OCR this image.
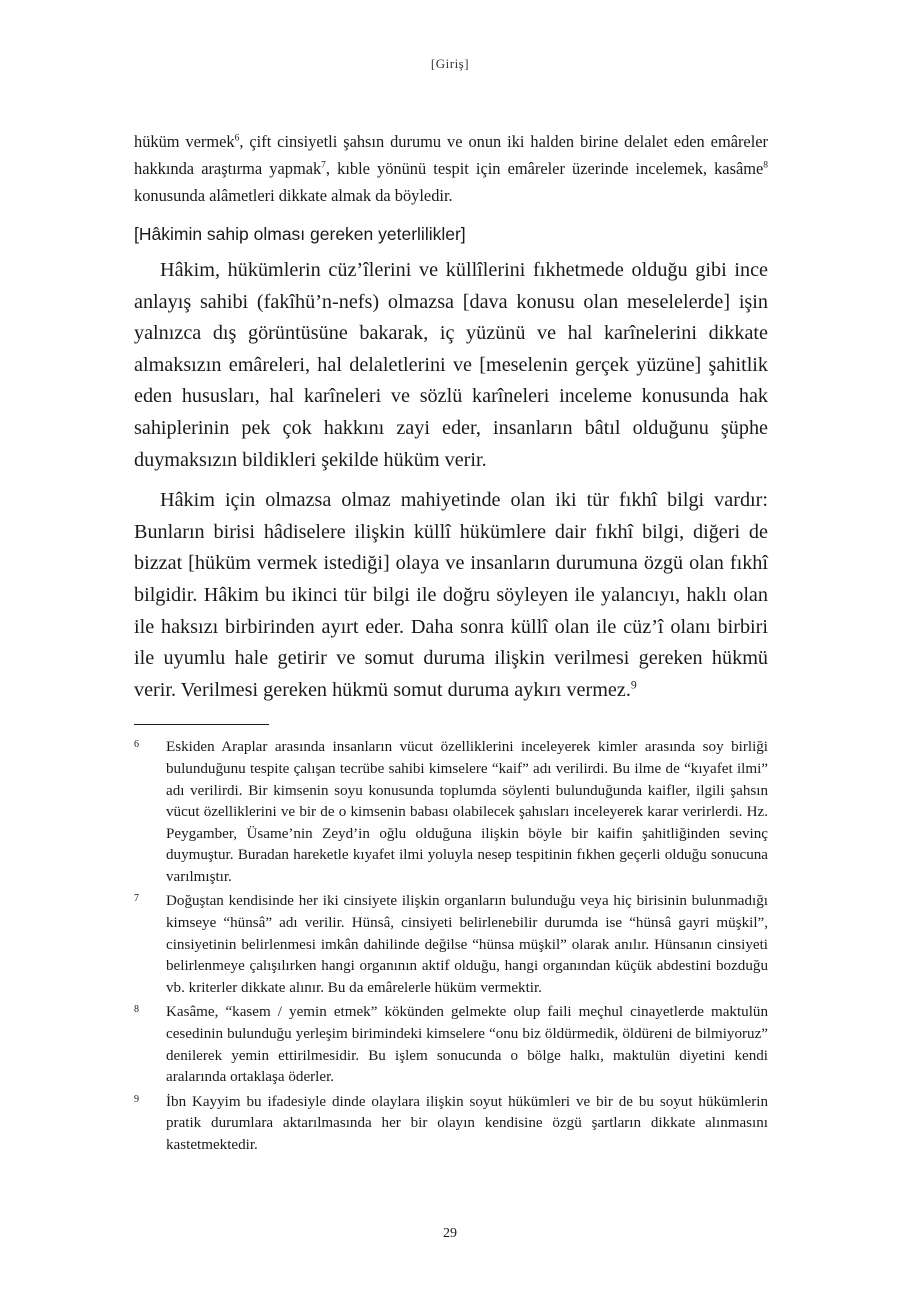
[Giriş]

hüküm vermek$^6$, çift cinsiyetli şahsın durumu ve onun iki halden birine delalet eden emâreler hakkında araştırma yapmak$^7$, kıble yönünü tespit için emâreler üzerinde incelemek, kasâme$^8$ konusunda alâmetleri dikkate almak da böyledir.

[Hâkimin sahip olması gereken yeterlilikler]

Hâkim, hükümlerin cüz’îlerini ve küllîlerini fıkhetmede olduğu gibi ince anlayış sahibi (fakîhü’n-nefs) olmazsa [dava konusu olan meselelerde] işin yalnızca dış görüntüsüne bakarak, iç yüzünü ve hal karînelerini dikkate almaksızın emâreleri, hal delaletlerini ve [meselenin gerçek yüzüne] şahitlik eden hususları, hal karîneleri ve sözlü karîneleri inceleme konusunda hak sahiplerinin pek çok hakkını zayi eder, insanların bâtıl olduğunu şüphe duymaksızın bildikleri şekilde hüküm verir.

Hâkim için olmazsa olmaz mahiyetinde olan iki tür fıkhî bilgi vardır: Bunların birisi hâdiselere ilişkin küllî hükümlere dair fıkhî bilgi, diğeri de bizzat [hüküm vermek istediği] olaya ve insanların durumuna özgü olan fıkhî bilgidir. Hâkim bu ikinci tür bilgi ile doğru söyleyen ile yalancıyı, haklı olan ile haksızı birbirinden ayırt eder. Daha sonra küllî olan ile cüz’î olanı birbiri ile uyumlu hale getirir ve somut duruma ilişkin verilmesi gereken hükmü verir. Verilmesi gereken hükmü somut duruma aykırı vermez.$^9$

6	Eskiden Araplar arasında insanların vücut özelliklerini inceleyerek kimler arasında soy birliği bulunduğunu tespite çalışan tecrübe sahibi kimselere “kaif” adı verilirdi. Bu ilme de “kıyafet ilmi” adı verilirdi. Bir kimsenin soyu konusunda toplumda söylenti bulunduğunda kaifler, ilgili şahsın vücut özelliklerini ve bir de o kimsenin babası olabilecek şahısları inceleyerek karar verirlerdi. Hz. Peygamber, Üsame’nin Zeyd’in oğlu olduğuna ilişkin böyle bir kaifin şahitliğinden sevinç duymuştur. Buradan hareketle kıyafet ilmi yoluyla nesep tespitinin fıkhen geçerli olduğu sonucuna varılmıştır.
7	Doğuştan kendisinde her iki cinsiyete ilişkin organların bulunduğu veya hiç birisinin bulunmadığı kimseye “hünsâ” adı verilir. Hünsâ, cinsiyeti belirlenebilir durumda ise “hünsâ gayri müşkil”, cinsiyetinin belirlenmesi imkân dahilinde değilse “hünsa müşkil” olarak anılır. Hünsanın cinsiyeti belirlenmeye çalışılırken hangi organının aktif olduğu, hangi organından küçük abdestini bozduğu vb. kriterler dikkate alınır. Bu da emârelerle hüküm vermektir.
8	Kasâme, “kasem / yemin etmek” kökünden gelmekte olup faili meçhul cinayetlerde maktulün cesedinin bulunduğu yerleşim birimindeki kimselere “onu biz öldürmedik, öldüreni de bilmiyoruz” denilerek yemin ettirilmesidir. Bu işlem sonucunda o bölge halkı, maktulün diyetini kendi aralarında ortaklaşa öderler.
9	İbn Kayyim bu ifadesiyle dinde olaylara ilişkin soyut hükümleri ve bir de bu soyut hükümlerin pratik durumlara aktarılmasında her bir olayın kendisine özgü şartların dikkate alınmasını kastetmektedir.
29
